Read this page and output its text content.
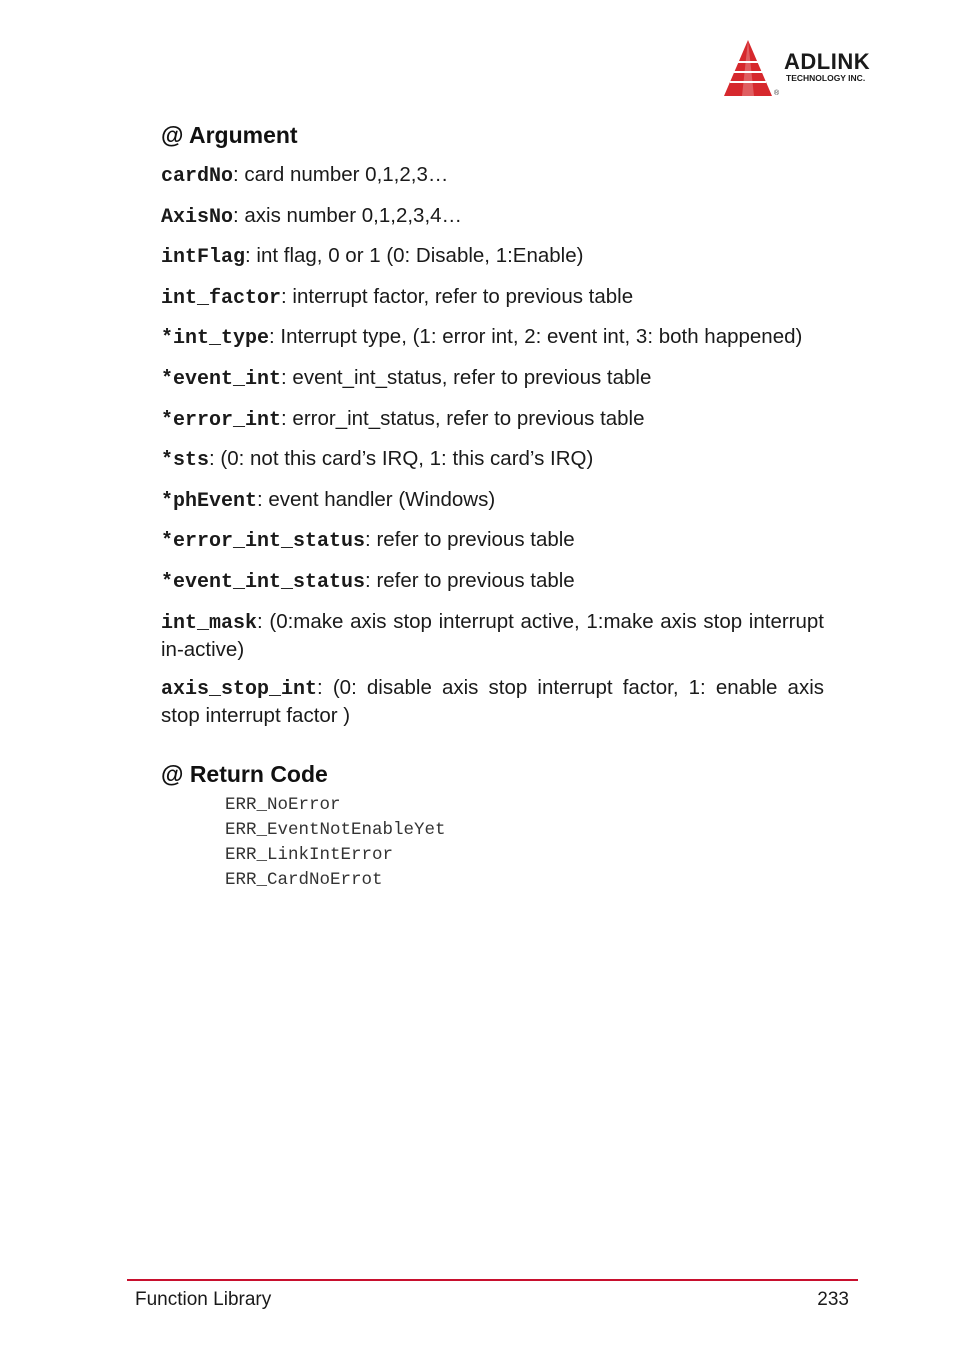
®
ADLINK
TECHNOLOGY INC.
@ Argument
cardNo: card number 0,1,2,3…
AxisNo: axis number 0,1,2,3,4…
intFlag: int flag, 0 or 1 (0: Disable, 1:Enable)
int_factor: interrupt factor, refer to previous table
*int_type: Interrupt type, (1: error int, 2: event int, 3: both happened)
*event_int: event_int_status, refer to previous table
*error_int: error_int_status, refer to previous table
*sts: (0: not this card’s IRQ, 1: this card’s IRQ)
*phEvent: event handler (Windows)
*error_int_status: refer to previous table
*event_int_status: refer to previous table
int_mask: (0:make axis stop interrupt active, 1:make axis stop interrupt in-active)
axis_stop_int: (0: disable axis stop interrupt factor, 1: enable axis stop interrupt factor )
@ Return Code
ERR_NoError
ERR_EventNotEnableYet
ERR_LinkIntError
ERR_CardNoErrot
Function Library	233
